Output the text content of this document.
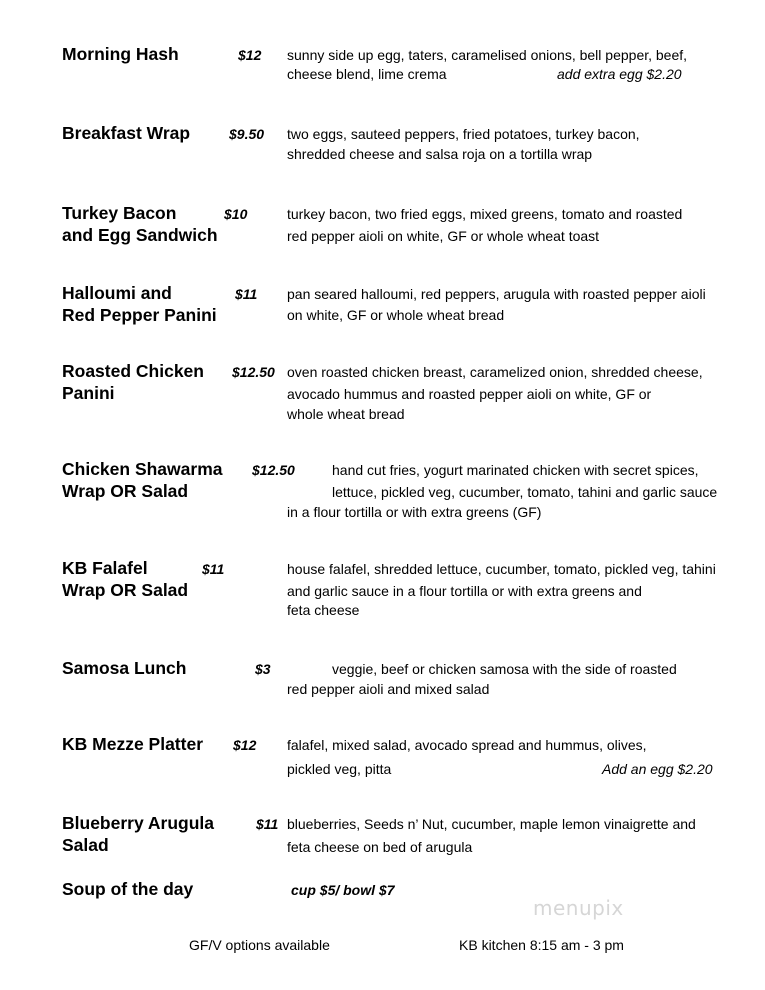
Morning Hash	$12 sunny side up egg, taters, caramelised onions, bell pepper, beef,
cheese blend, lime crema	add extra egg $2.20
Breakfast Wrap	$9.50 two eggs, sauteed peppers, fried potatoes, turkey bacon,
shredded cheese and salsa roja on a tortilla wrap
Turkey Bacon
and Egg Sandwich
$10	turkey bacon, two fried eggs, mixed greens, tomato and roasted
red pepper aioli on white, GF or whole wheat toast
Halloumi and
Red Pepper Panini
$11 pan seared halloumi, red peppers, arugula with roasted pepper aioli
on white, GF or whole wheat bread
Roasted Chicken
Panini
$12.50 oven roasted chicken breast, caramelized onion, shredded cheese,
avocado hummus and roasted pepper aioli on white, GF or
whole wheat bread
Chicken Shawarma
Wrap OR Salad
$12.50	hand cut fries, yogurt marinated chicken with secret spices,
lettuce, pickled veg, cucumber, tomato, tahini and garlic sauce
in a flour tortilla or with extra greens (GF)
KB Falafel
Wrap OR Salad
$11	house falafel, shredded lettuce, cucumber, tomato, pickled veg, tahini
and garlic sauce in a flour tortilla or with extra greens and
feta cheese
Samosa Lunch	$3	veggie, beef or chicken samosa with the side of roasted
red pepper aioli and mixed salad
KB Mezze Platter $12 falafel, mixed salad, avocado spread and hummus, olives,
pickled veg, pitta	Add an egg $2.20
Blueberry Arugula
Salad
$11 blueberries, Seeds n’ Nut, cucumber, maple lemon vinaigrette and
feta cheese on bed of arugula
Soup of the day	cup $5/ bowl $7
menupix
GF/V options available	KB kitchen 8:15 am - 3 pm
